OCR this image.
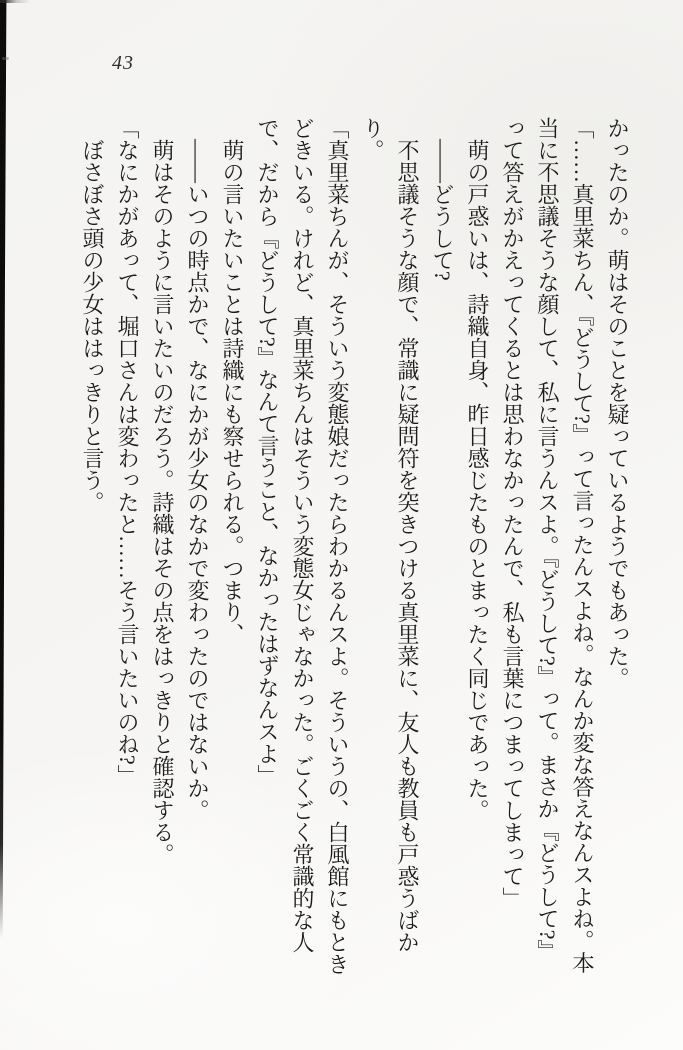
43

かったのか。萌はそのことを疑っているようでもあった。

「……真里菜ちん、『どうして?』って言ったんスよね。なんか変な答えなんスよね。本当に不思議そうな顔して、私に言うんスよ。『どうして?』って。まさか『どうして?』って答えがかえってくるとは思わなかったんで、私も言葉につまってしまって」

萌の戸惑いは、詩織自身、昨日感じたものとまったく同じであった。

――どうして?

不思議そうな顔で、常識に疑問符を突きつける真里菜に、友人も教員も戸惑うばかり。

「真里菜ちんが、そういう変態娘だったらわかるんスよ。そういうの、白風館にもときどきいる。けれど、真里菜ちんはそういう変態女じゃなかった。ごくごく常識的な人で、だから『どうして?』なんて言うこと、なかったはずなんスよ」

萌の言いたいことは詩織にも察せられる。つまり、

――いつの時点かで、なにかが少女のなかで変わったのではないか。

萌はそのように言いたいのだろう。詩織はその点をはっきりと確認する。

「なにかがあって、堀口さんは変わったと……そう言いたいのね?」

ぼさぼさ頭の少女ははっきりと言う。
